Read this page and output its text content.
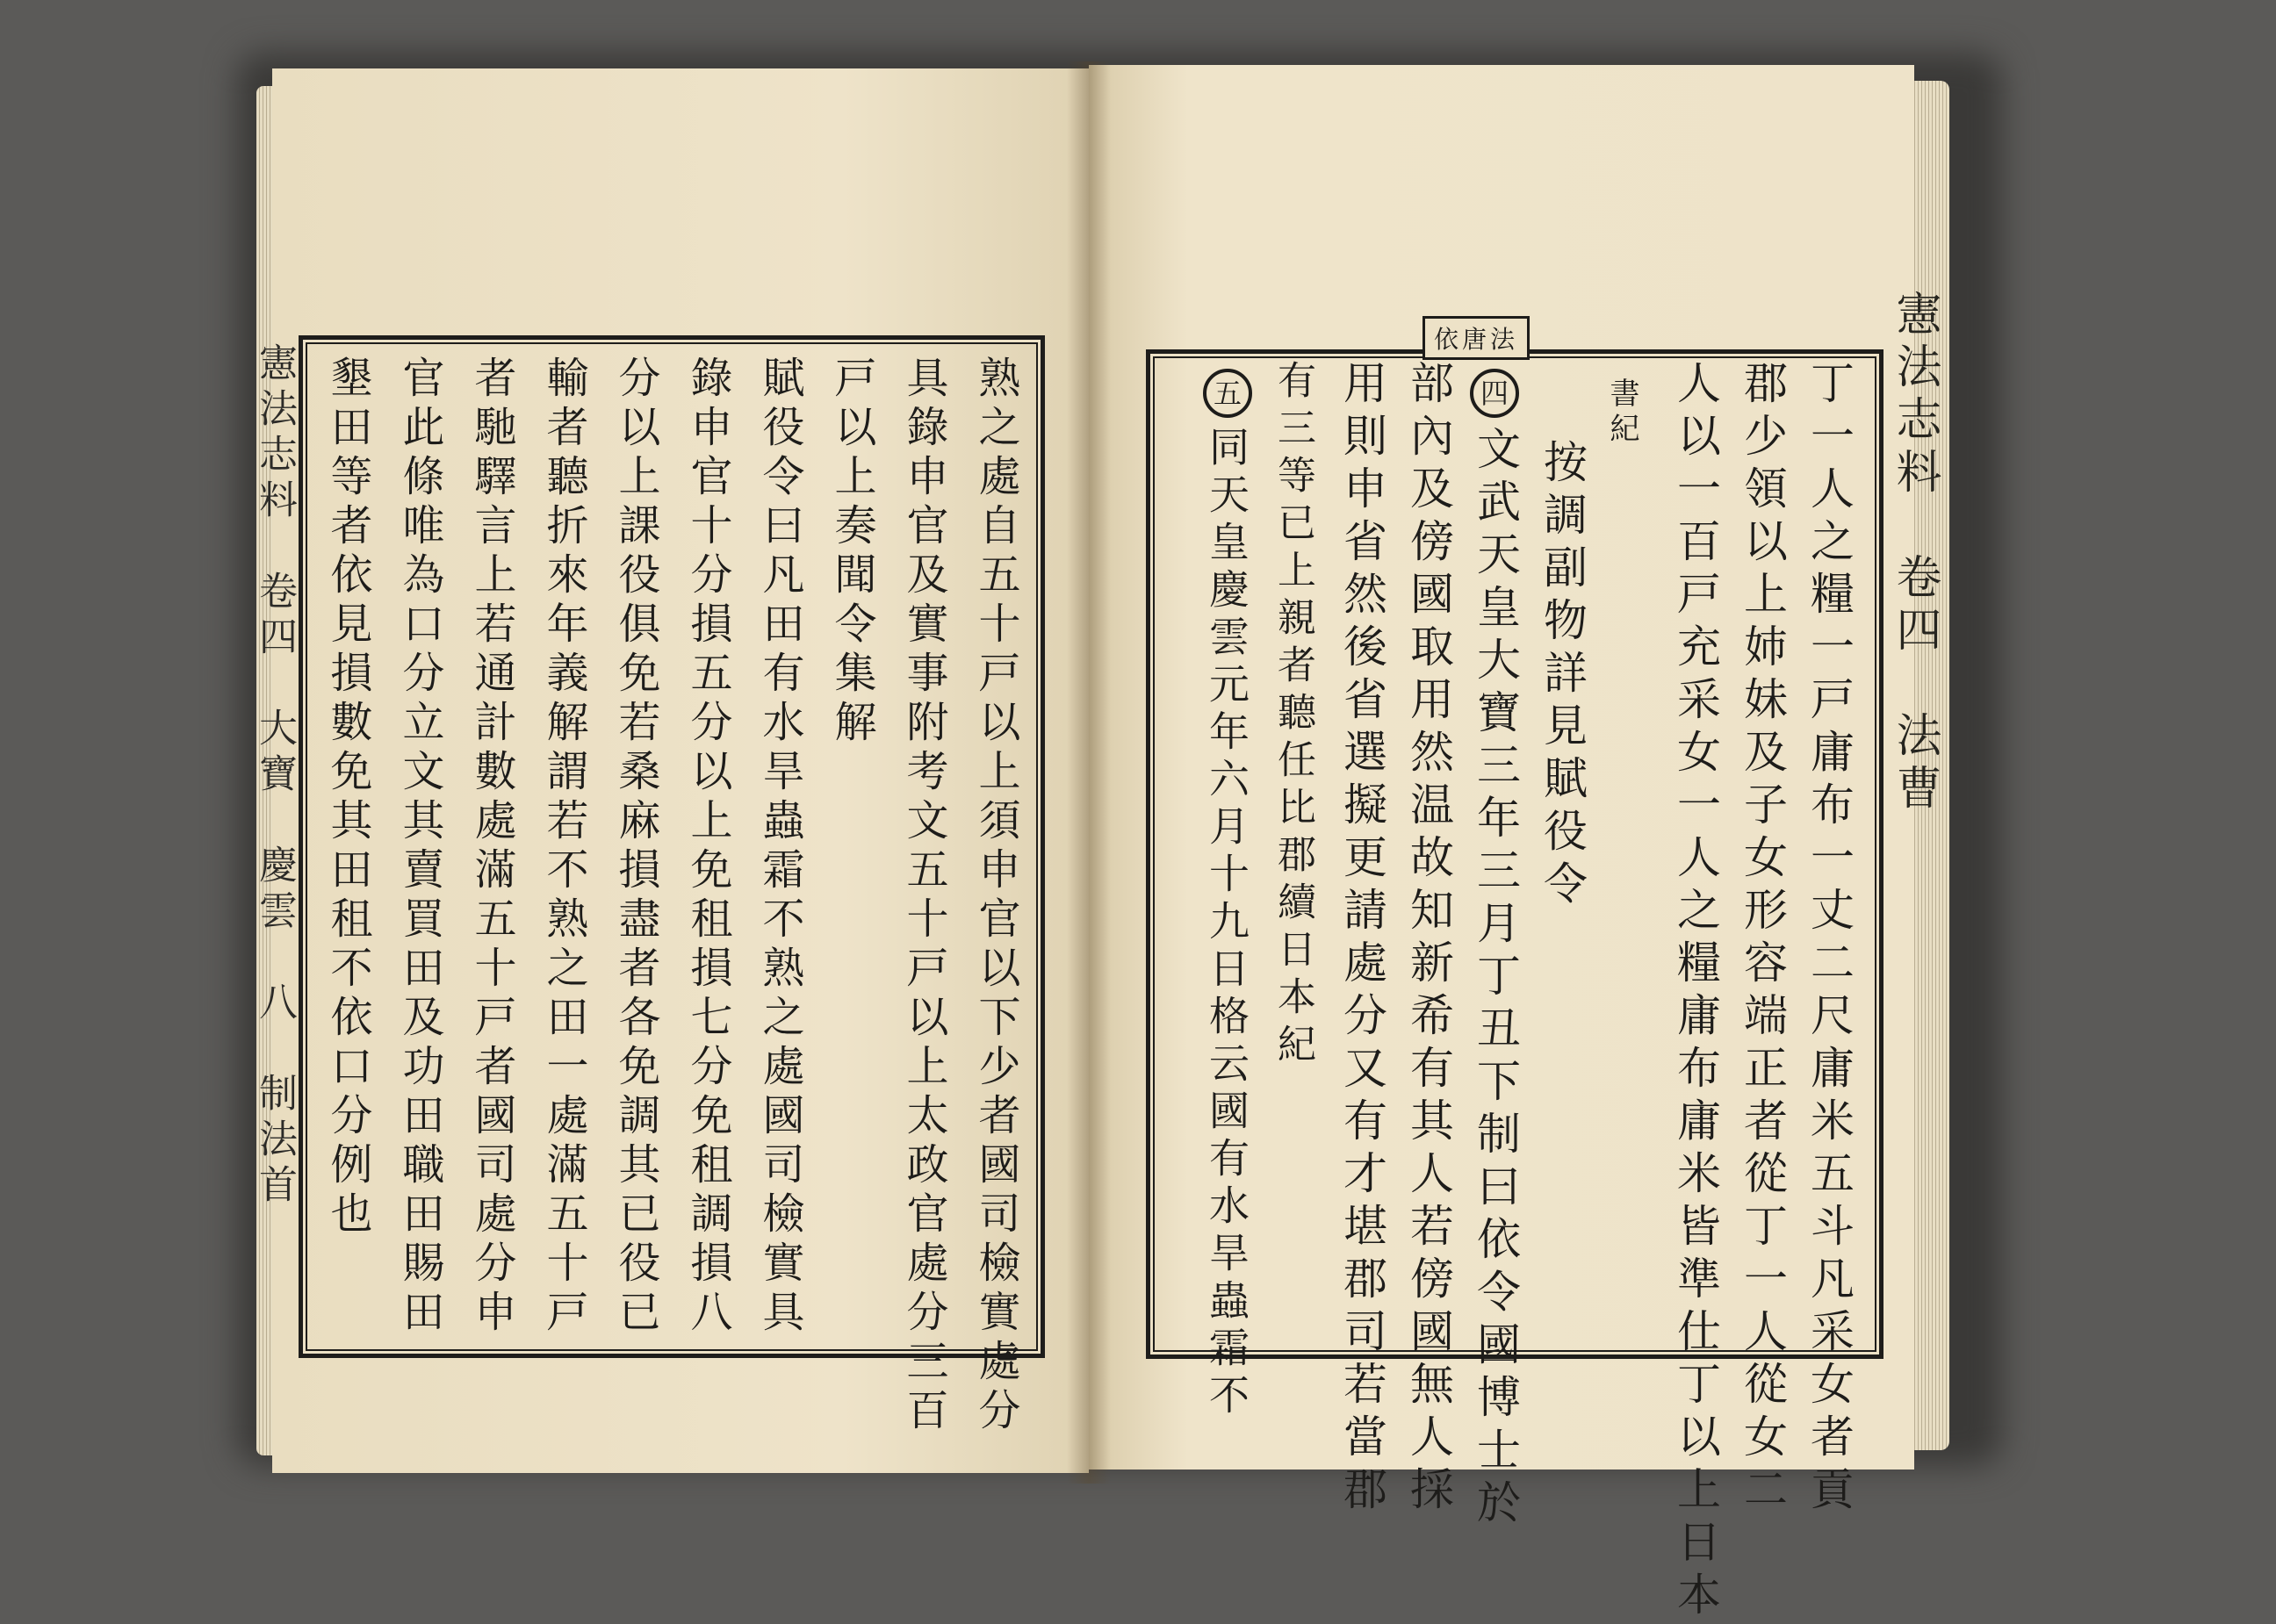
憲法志料　卷四　大寶　慶雲　八　制法首	憲法志料　卷四　法曹
依唐法
熟之處自五十戸以上須申官以下少者國司檢實處分
具錄申官及實事附考文五十戸以上太政官處分三百
戸以上奏聞令集解
賦役令曰凡田有水旱蟲霜不熟之處國司檢實具
錄申官十分損五分以上免租損七分免租調損八
分以上課役俱免若桑麻損盡者各免調其已役已
輸者聽折來年義解謂若不熟之田一處滿五十戸
者馳驛言上若通計數處滿五十戸者國司處分申
官此條唯為口分立文其賣買田及功田職田賜田
墾田等者依見損數免其田租不依口分例也	丁一人之糧一戸庸布一丈二尺庸米五斗凡采女者貢
郡少領以上姉妹及子女形容端正者從丁一人從女二
人以一百戸充采女一人之糧庸布庸米皆準仕丁以上日本
書紀
按調副物詳見賦役令
四
文武天皇大寶三年三月丁丑下制曰依令國博士於
部內及傍國取用然温故知新希有其人若傍國無人採
用則申省然後省選擬更請處分又有才堪郡司若當郡
有三等已上親者聽任比郡續日本紀
同天皇慶雲元年六月十九日格云國有水旱蟲霜不
五
